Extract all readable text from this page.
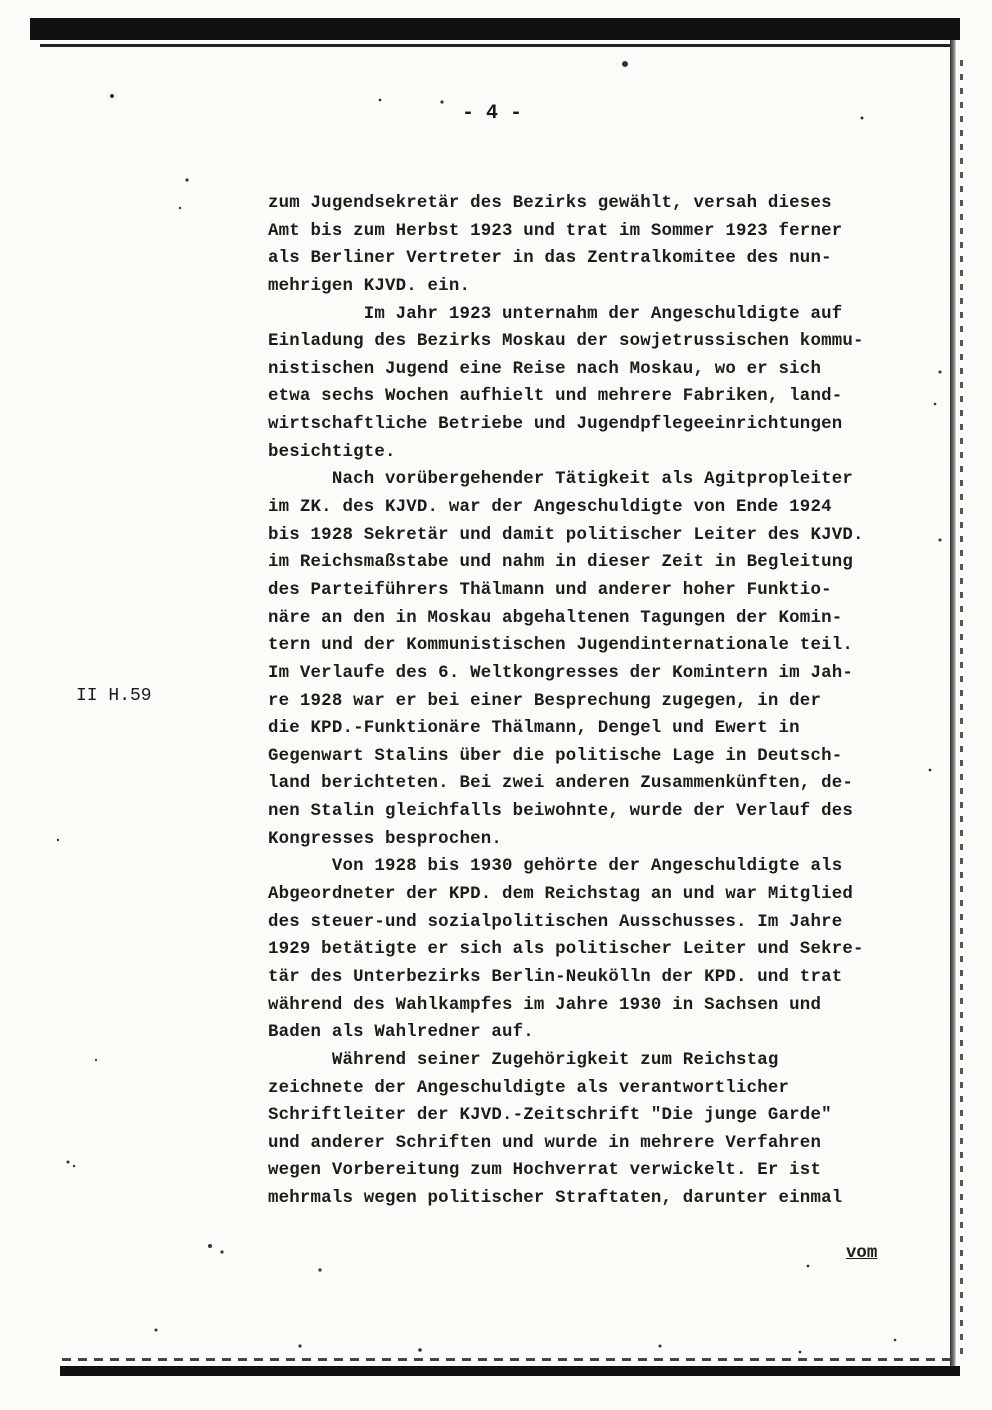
- 4 -
II H.59
zum Jugendsekretär des Bezirks gewählt, versah dieses
Amt bis zum Herbst 1923 und trat im Sommer 1923 ferner
als Berliner Vertreter in das Zentralkomitee des nun-
mehrigen KJVD. ein.
Im Jahr 1923 unternahm der Angeschuldigte auf
Einladung des Bezirks Moskau der sowjetrussischen kommu-
nistischen Jugend eine Reise nach Moskau, wo er sich
etwa sechs Wochen aufhielt und mehrere Fabriken, land-
wirtschaftliche Betriebe und Jugendpflegeeinrichtungen
besichtigte.
Nach vorübergehender Tätigkeit als Agitpropleiter
im ZK. des KJVD. war der Angeschuldigte von Ende 1924
bis 1928 Sekretär und damit politischer Leiter des KJVD.
im Reichsmaßstabe und nahm in dieser Zeit in Begleitung
des Parteiführers Thälmann und anderer hoher Funktio-
näre an den in Moskau abgehaltenen Tagungen der Komin-
tern und der Kommunistischen Jugendinternationale teil.
Im Verlaufe des 6. Weltkongresses der Komintern im Jah-
re 1928 war er bei einer Besprechung zugegen, in der
die KPD.-Funktionäre Thälmann, Dengel und Ewert in
Gegenwart Stalins über die politische Lage in Deutsch-
land berichteten. Bei zwei anderen Zusammenkünften, de-
nen Stalin gleichfalls beiwohnte, wurde der Verlauf des
Kongresses besprochen.
Von 1928 bis 1930 gehörte der Angeschuldigte als
Abgeordneter der KPD. dem Reichstag an und war Mitglied
des steuer-und sozialpolitischen Ausschusses. Im Jahre
1929 betätigte er sich als politischer Leiter und Sekre-
tär des Unterbezirks Berlin-Neukölln der KPD. und trat
während des Wahlkampfes im Jahre 1930 in Sachsen und
Baden als Wahlredner auf.
Während seiner Zugehörigkeit zum Reichstag
zeichnete der Angeschuldigte als verantwortlicher
Schriftleiter der KJVD.-Zeitschrift "Die junge Garde"
und anderer Schriften und wurde in mehrere Verfahren
wegen Vorbereitung zum Hochverrat verwickelt. Er ist
mehrmals wegen politischer Straftaten, darunter einmal
vom
